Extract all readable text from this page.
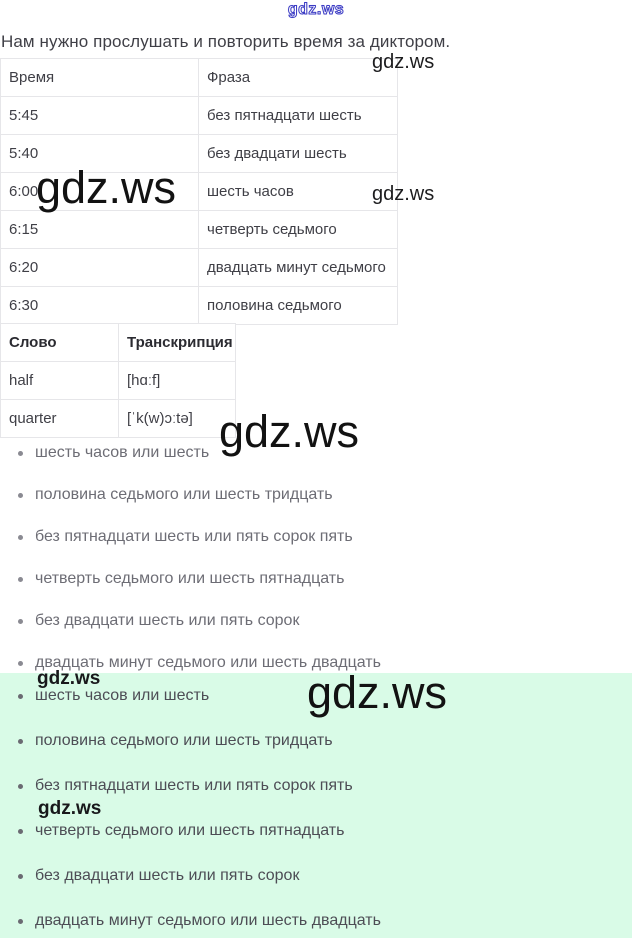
gdz.ws

Нам нужно прослушать и повторить время за диктором.

Время	Фраза
5:45	без пятнадцати шесть
5:40	без двадцати шесть
6:00	шесть часов
6:15	четверть седьмого
6:20	двадцать минут седьмого
6:30	половина седьмого
Слово	Транскрипция
half	[hɑːf]
quarter	[ˈk(w)ɔːtə]
gdz.ws
gdz.ws
gdz.ws
gdz.ws
шесть часов или шесть
половина седьмого или шесть тридцать
без пятнадцати шесть или пять сорок пять
четверть седьмого или шесть пятнадцать
без двадцати шесть или пять сорок
двадцать минут седьмого или шесть двадцать
шесть часов или шесть
половина седьмого или шесть тридцать
без пятнадцати шесть или пять сорок пять
четверть седьмого или шесть пятнадцать
без двадцати шесть или пять сорок
двадцать минут седьмого или шесть двадцать
gdz.ws	gdz.ws
gdz.ws
